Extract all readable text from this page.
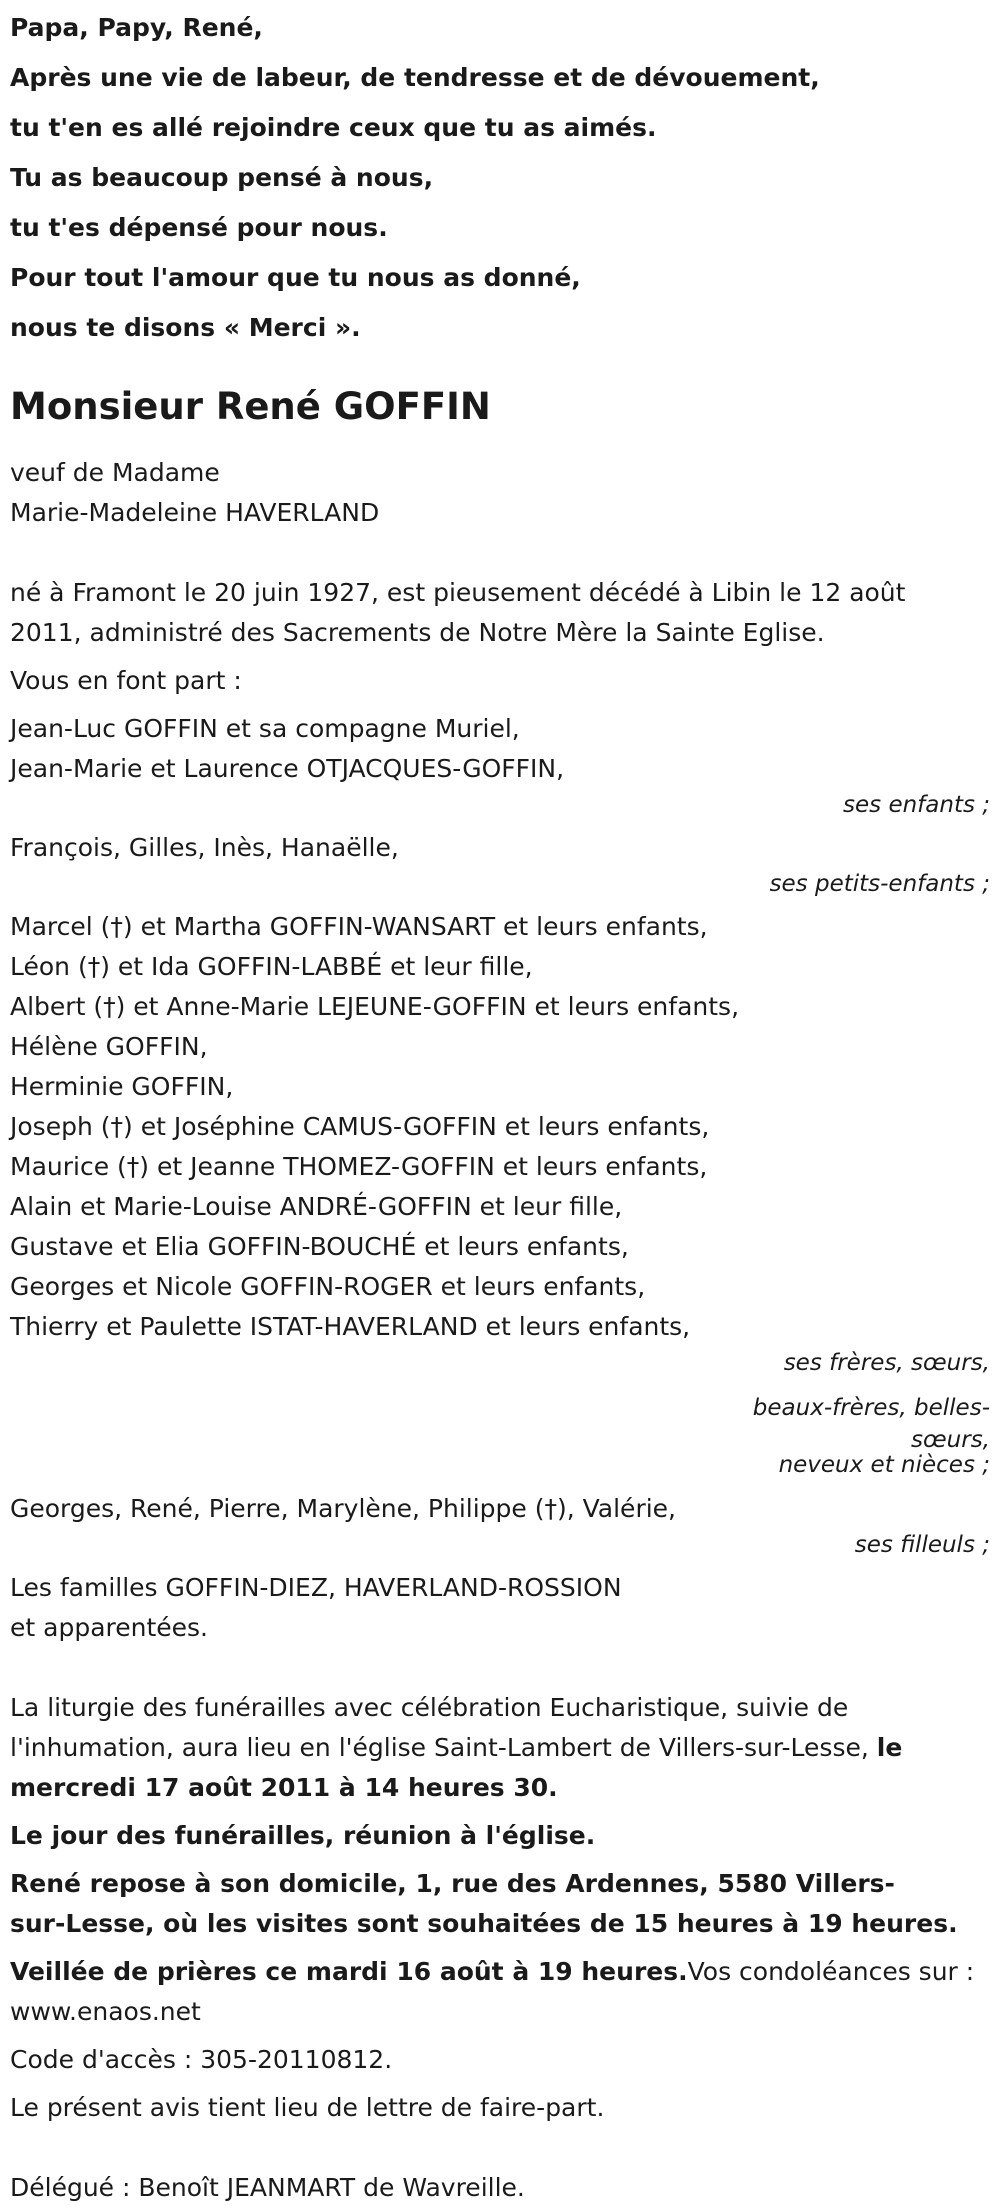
Papa, Papy, René,
Après une vie de labeur, de tendresse et de dévouement,
tu t'en es allé rejoindre ceux que tu as aimés.
Tu as beaucoup pensé à nous,
tu t'es dépensé pour nous.
Pour tout l'amour que tu nous as donné,
nous te disons « Merci ».
Monsieur René GOFFIN
veuf de Madame
Marie-Madeleine HAVERLAND
né à Framont le 20 juin 1927, est pieusement décédé à Libin le 12 août
2011, administré des Sacrements de Notre Mère la Sainte Eglise.
Vous en font part :
Jean-Luc GOFFIN et sa compagne Muriel,
Jean-Marie et Laurence OTJACQUES-GOFFIN,
ses enfants ;
François, Gilles, Inès, Hanaëlle,
ses petits-enfants ;
Marcel (†) et Martha GOFFIN-WANSART et leurs enfants,
Léon (†) et Ida GOFFIN-LABBÉ et leur fille,
Albert (†) et Anne-Marie LEJEUNE-GOFFIN et leurs enfants,
Hélène GOFFIN,
Herminie GOFFIN,
Joseph (†) et Joséphine CAMUS-GOFFIN et leurs enfants,
Maurice (†) et Jeanne THOMEZ-GOFFIN et leurs enfants,
Alain et Marie-Louise ANDRÉ-GOFFIN et leur fille,
Gustave et Elia GOFFIN-BOUCHÉ et leurs enfants,
Georges et Nicole GOFFIN-ROGER et leurs enfants,
Thierry et Paulette ISTAT-HAVERLAND et leurs enfants,
ses frères, sœurs,
beaux-frères, belles-
sœurs,
neveux et nièces ;
Georges, René, Pierre, Marylène, Philippe (†), Valérie,
ses filleuls ;
Les familles GOFFIN-DIEZ, HAVERLAND-ROSSION
et apparentées.
La liturgie des funérailles avec célébration Eucharistique, suivie de
l'inhumation, aura lieu en l'église Saint-Lambert de Villers-sur-Lesse, le
mercredi 17 août 2011 à 14 heures 30.
Le jour des funérailles, réunion à l'église.
René repose à son domicile, 1, rue des Ardennes, 5580 Villers-
sur-Lesse, où les visites sont souhaitées de 15 heures à 19 heures.
Veillée de prières ce mardi 16 août à 19 heures.Vos condoléances sur :
www.enaos.net
Code d'accès : 305-20110812.
Le présent avis tient lieu de lettre de faire-part.
Délégué : Benoît JEANMART de Wavreille.
